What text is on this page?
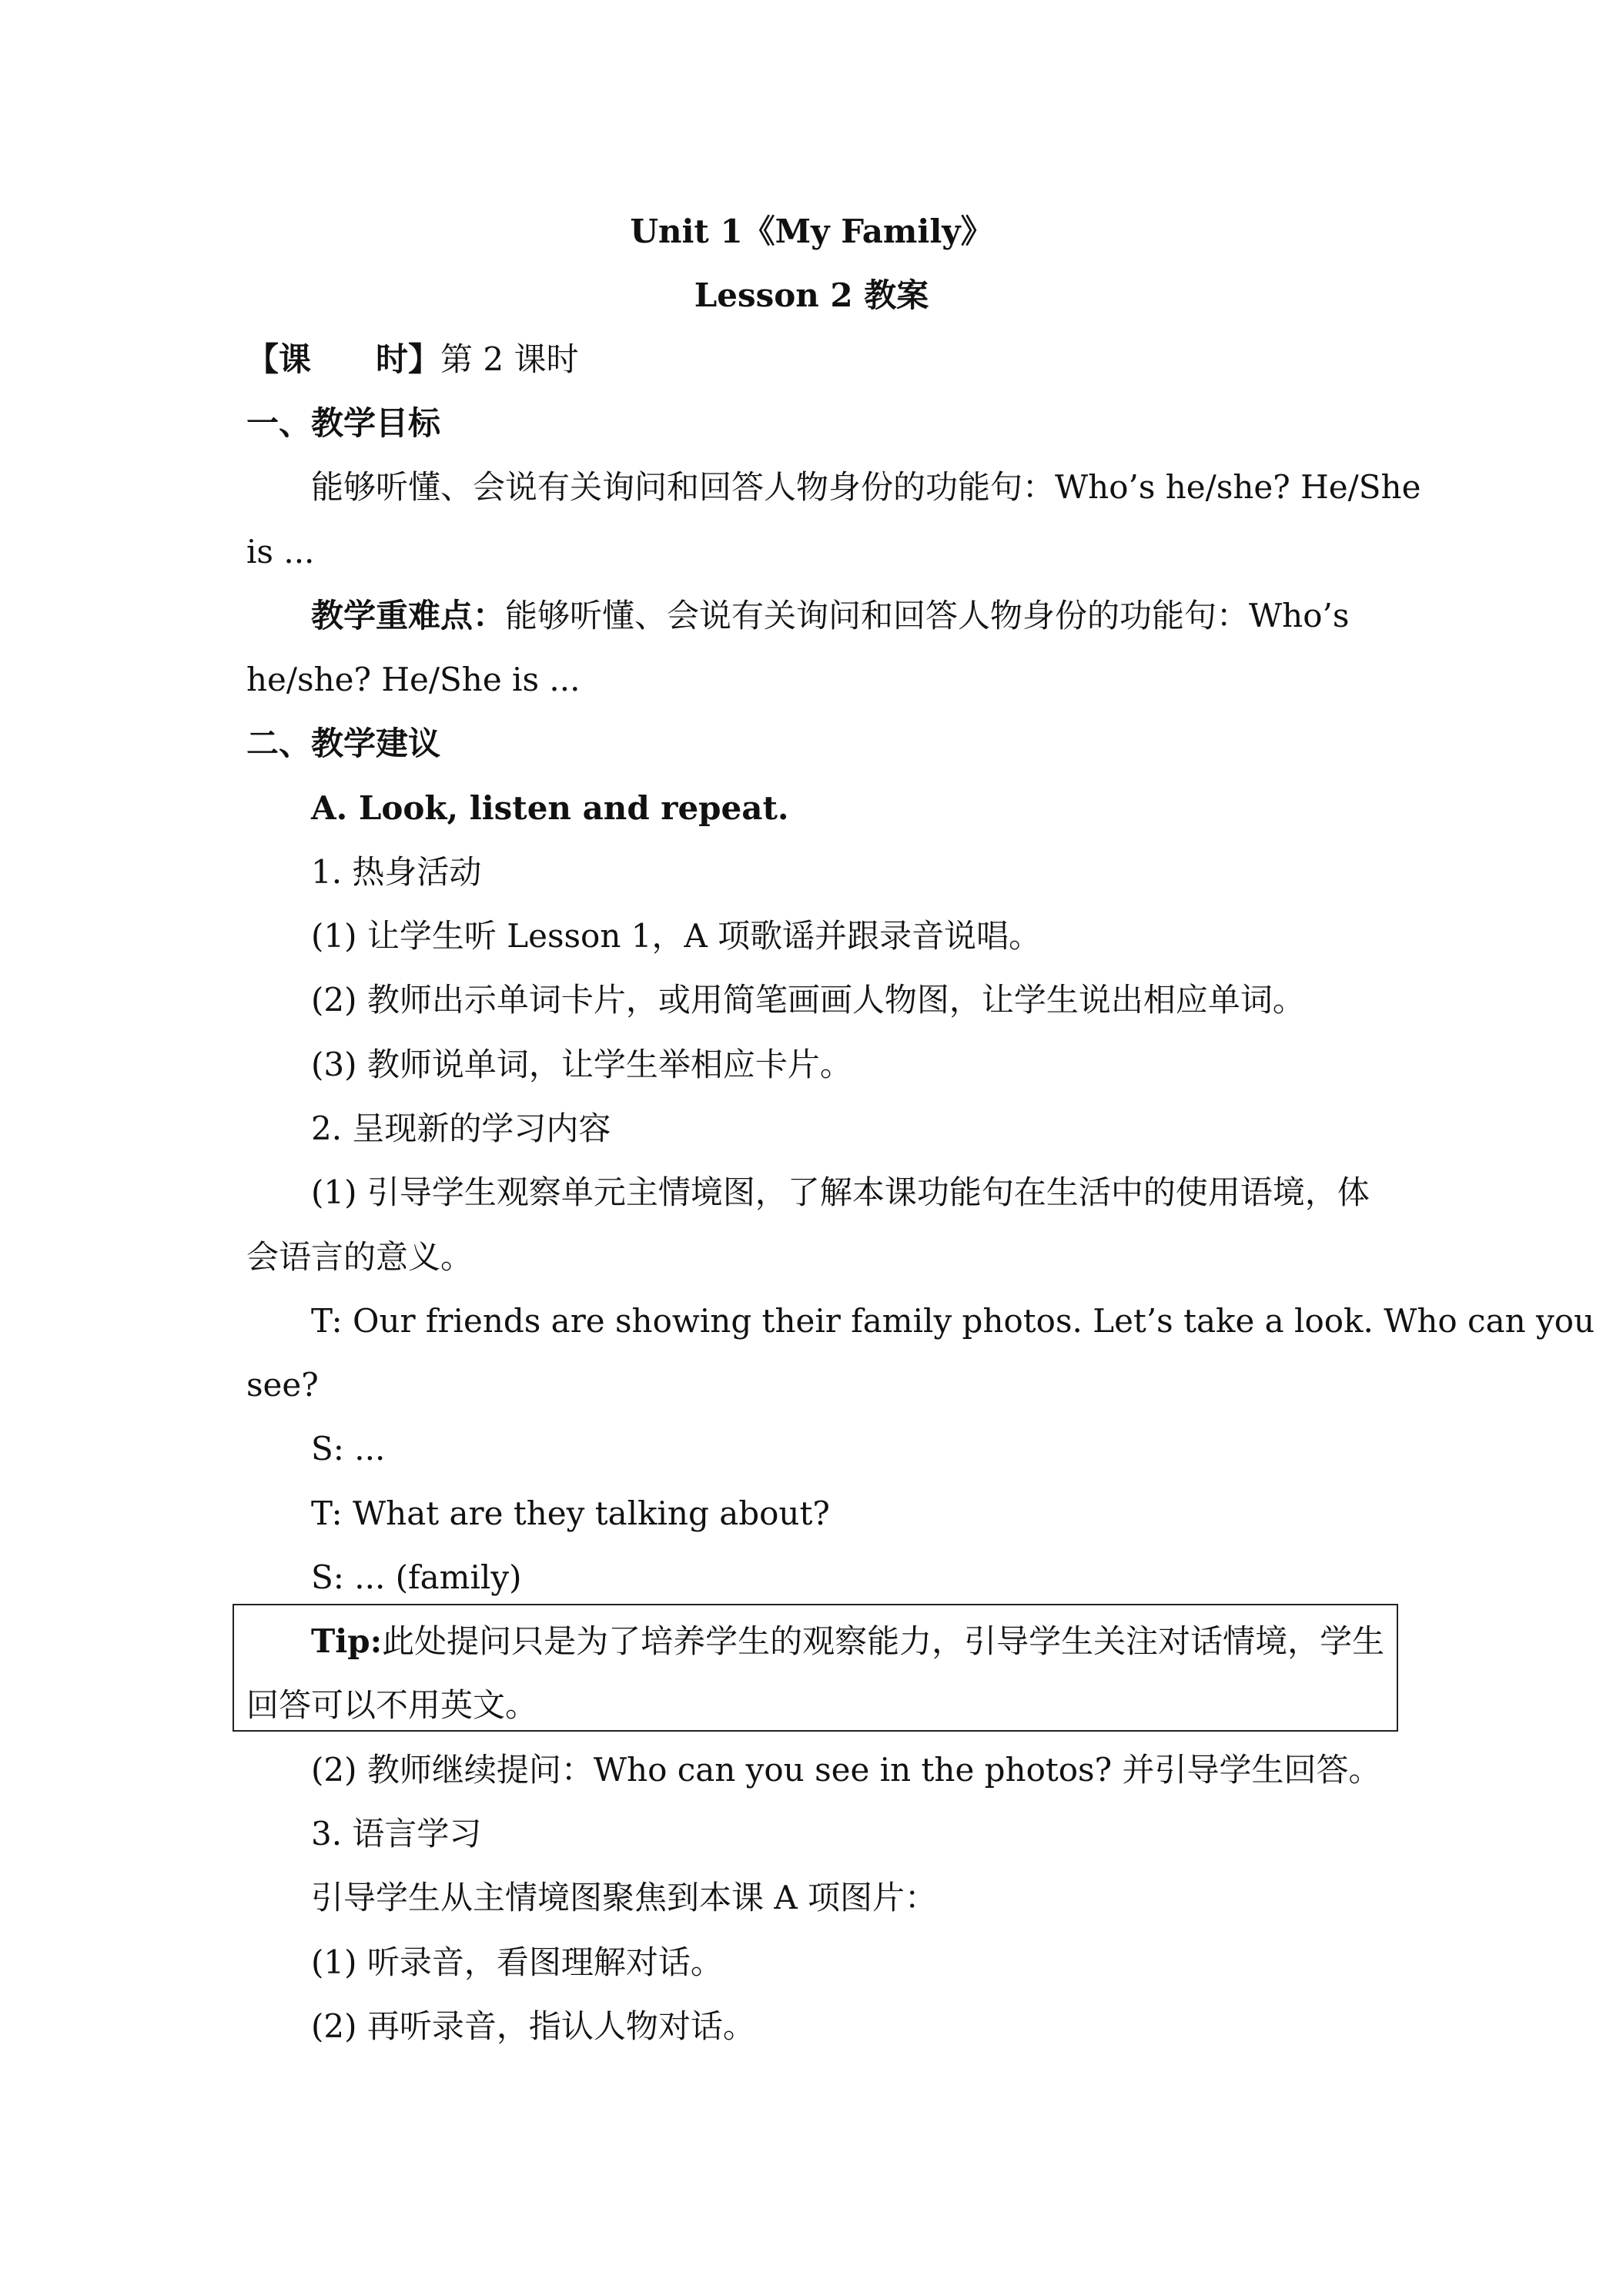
Unit 1《My Family》
Lesson 2 教案
【课 时】第 2 课时
一、教学目标
能够听懂、会说有关询问和回答人物身份的功能句：Who’s he/she? He/She
is ...
教学重难点：能够听懂、会说有关询问和回答人物身份的功能句：Who’s
he/she? He/She is ...
二、教学建议
A. Look, listen and repeat.
1. 热身活动
(1) 让学生听 Lesson 1，A 项歌谣并跟录音说唱。
(2) 教师出示单词卡片，或用简笔画画人物图，让学生说出相应单词。
(3) 教师说单词，让学生举相应卡片。
2. 呈现新的学习内容
(1) 引导学生观察单元主情境图，了解本课功能句在生活中的使用语境，体
会语言的意义。
T: Our friends are showing their family photos. Let’s take a look. Who can you
see?
S: ...
T: What are they talking about?
S: ... (family)
Tip:此处提问只是为了培养学生的观察能力，引导学生关注对话情境，学生
回答可以不用英文。
(2) 教师继续提问：Who can you see in the photos? 并引导学生回答。
3. 语言学习
引导学生从主情境图聚焦到本课 A 项图片：
(1) 听录音，看图理解对话。
(2) 再听录音，指认人物对话。
